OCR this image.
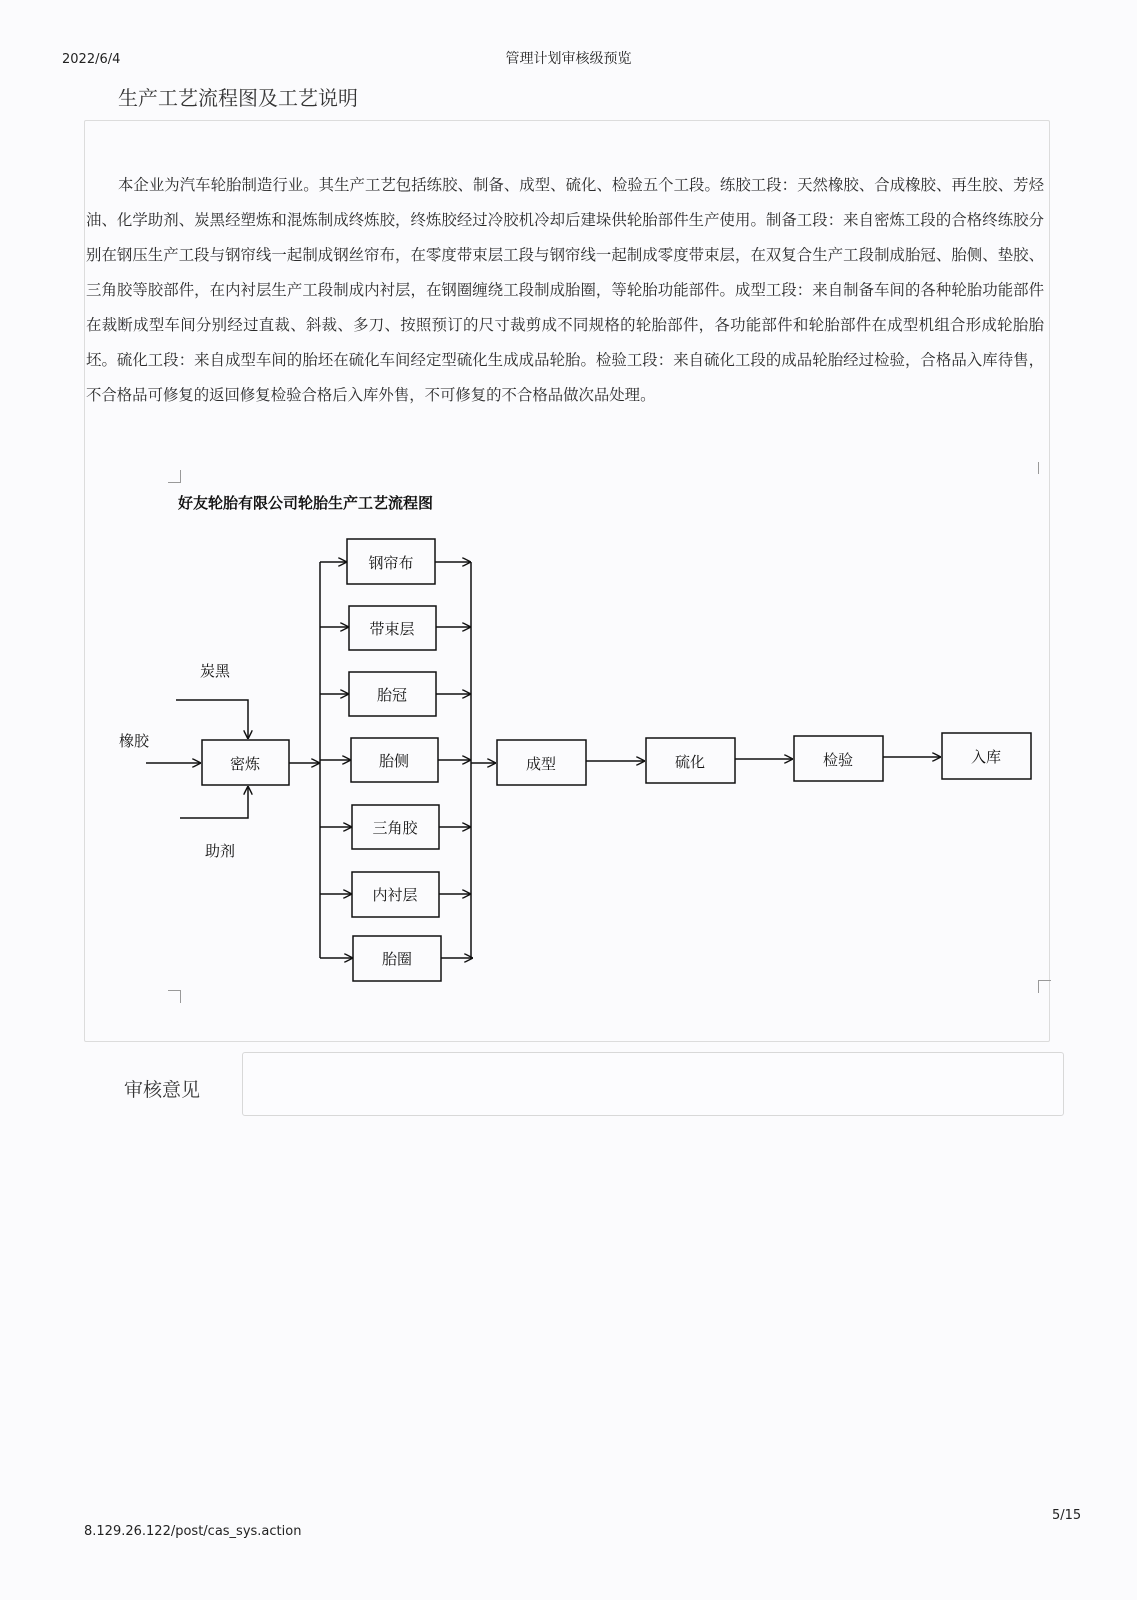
2022/6/4	管理计划审核级预览
生产工艺流程图及工艺说明

本企业为汽车轮胎制造行业。其生产工艺包括练胶、制备、成型、硫化、检验五个工段。练胶工段：天然橡胶、合成橡胶、再生胶、芳烃油、化学助剂、炭黑经塑炼和混炼制成终炼胶，终炼胶经过冷胶机冷却后建垛供轮胎部件生产使用。制备工段：来自密炼工段的合格终练胶分别在钢压生产工段与钢帘线一起制成钢丝帘布，在零度带束层工段与钢帘线一起制成零度带束层，在双复合生产工段制成胎冠、胎侧、垫胶、三角胶等胶部件，在内衬层生产工段制成内衬层，在钢圈缠绕工段制成胎圈，等轮胎功能部件。成型工段：来自制备车间的各种轮胎功能部件在裁断成型车间分别经过直裁、斜裁、多刀、按照预订的尺寸裁剪成不同规格的轮胎部件，各功能部件和轮胎部件在成型机组合形成轮胎胎坯。硫化工段：来自成型车间的胎坯在硫化车间经定型硫化生成成品轮胎。检验工段：来自硫化工段的成品轮胎经过检验，合格品入库待售，不合格品可修复的返回修复检验合格后入库外售，不可修复的不合格品做次品处理。

好友轮胎有限公司轮胎生产工艺流程图
炭黑
橡胶
助剂
密炼
钢帘布
带束层
胎冠
胎侧
三角胶
内衬层
胎圈
成型	硫化	检验	入库
审核意见
8.129.26.122/post/cas_sys.action
5/15
